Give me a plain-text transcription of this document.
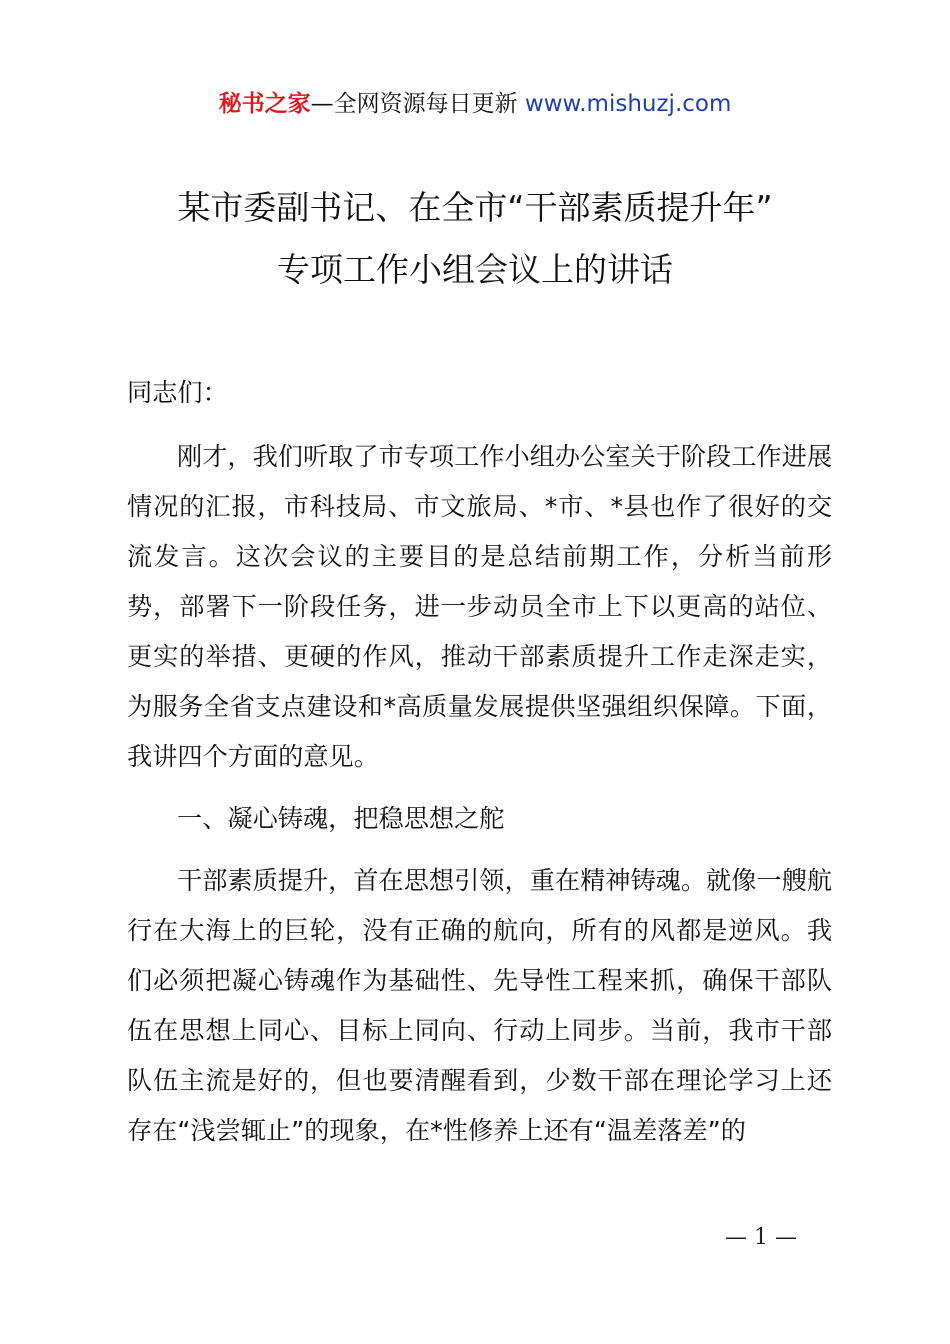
秘书之家—全网资源每日更新 www.mishuzj.com
某市委副书记、在全市“干部素质提升年”
专项工作小组会议上的讲话

同志们：

刚才，我们听取了市专项工作小组办公室关于阶段工作进展情况的汇报，市科技局、市文旅局、*市、*县也作了很好的交流发言。这次会议的主要目的是总结前期工作，分析当前形势，部署下一阶段任务，进一步动员全市上下以更高的站位、更实的举措、更硬的作风，推动干部素质提升工作走深走实，为服务全省支点建设和*高质量发展提供坚强组织保障。下面，我讲四个方面的意见。

一、凝心铸魂，把稳思想之舵

干部素质提升，首在思想引领，重在精神铸魂。就像一艘航行在大海上的巨轮，没有正确的航向，所有的风都是逆风。我们必须把凝心铸魂作为基础性、先导性工程来抓，确保干部队伍在思想上同心、目标上同向、行动上同步。当前，我市干部队伍主流是好的，但也要清醒看到，少数干部在理论学习上还存在“浅尝辄止”的现象，在*性修养上还有“温差落差”的

— 1 —
